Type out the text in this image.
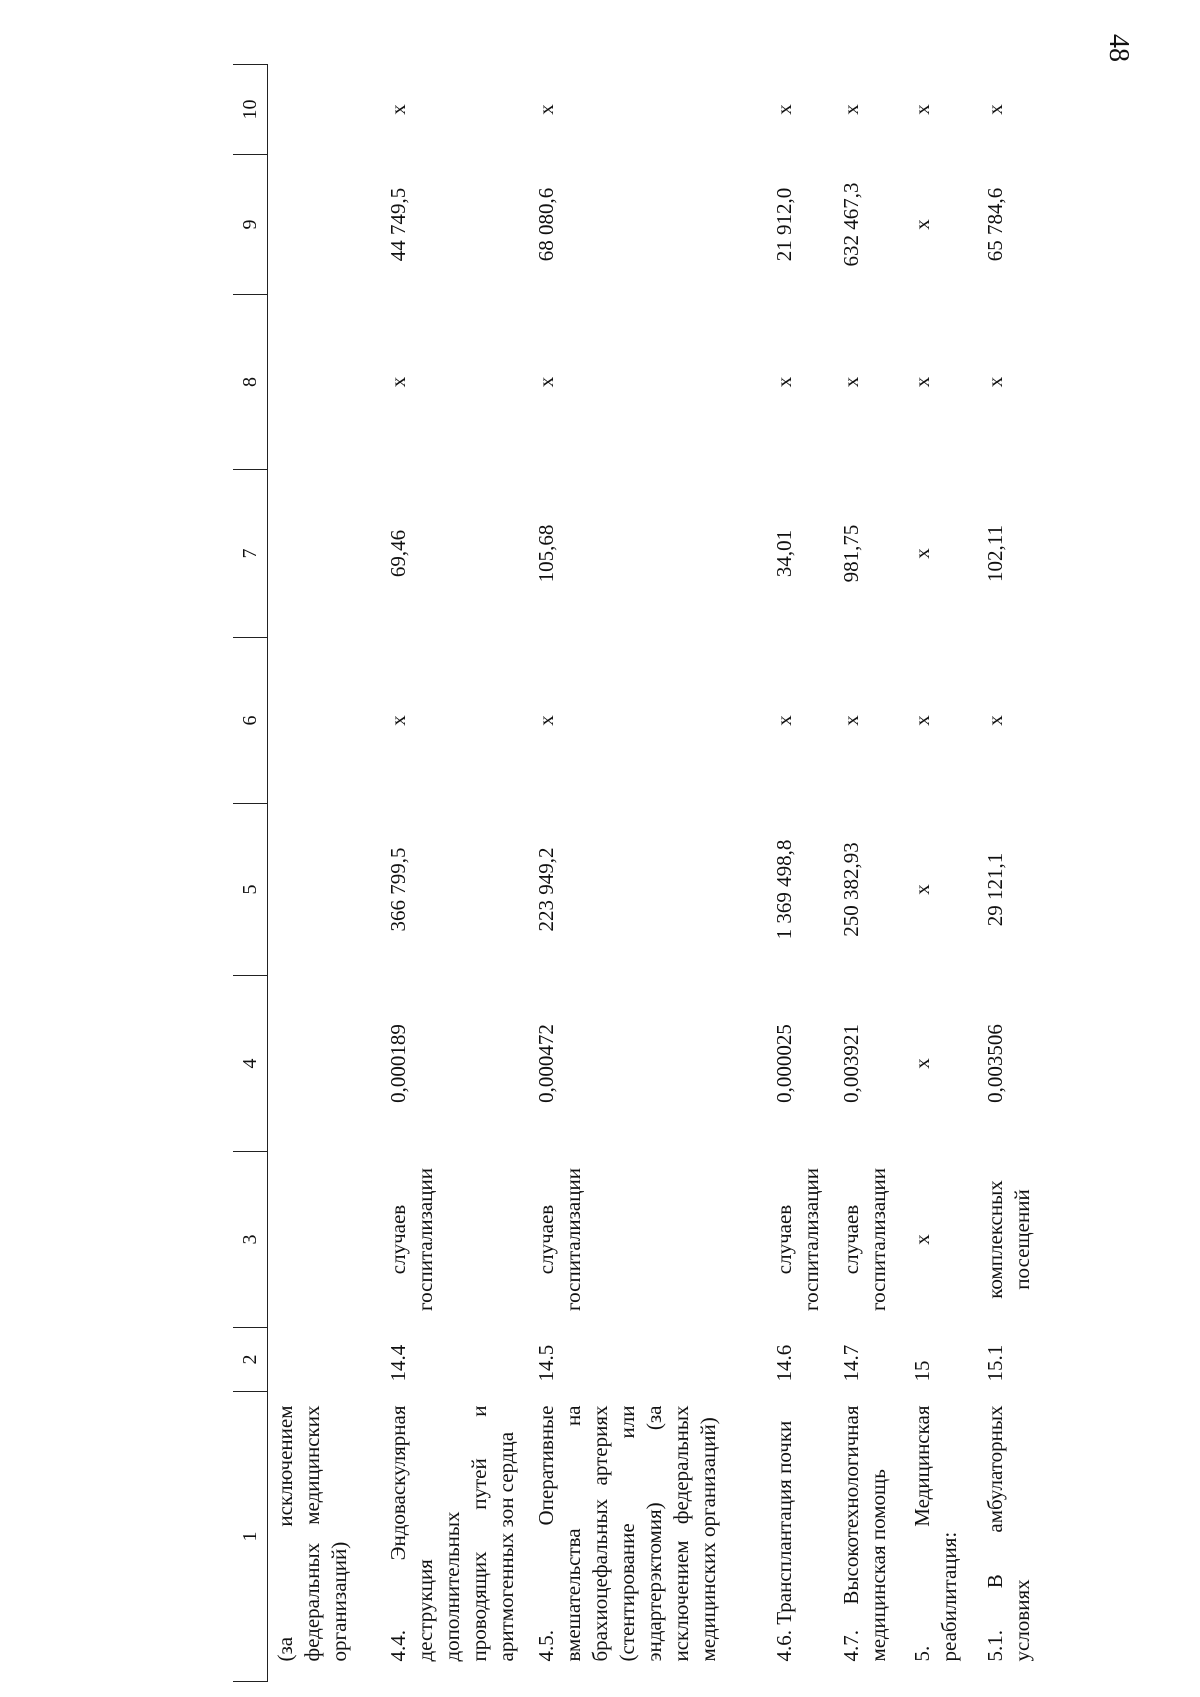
48
1	2	3	4	5	6	7	8	9	10
(за исключением федеральных медицинских организаций)									
4.4. Эндоваскулярная деструкция дополнительных проводящих путей и аритмогенных зон сердца	14.4	случаев госпитализации	0,000189	366 799,5	х	69,46	х	44 749,5	х
4.5. Оперативные вмешательства на брахиоцефальных артериях (стентирование или эндартерэктомия) (за исключением федеральных медицинских организаций)	14.5	случаев госпитализации	0,000472	223 949,2	х	105,68	х	68 080,6	х
4.6. Трансплантация почки	14.6	случаев госпитализации	0,000025	1 369 498,8	х	34,01	х	21 912,0	х
4.7. Высокотехнологичная медицинская помощь	14.7	случаев госпитализации	0,003921	250 382,93	х	981,75	х	632 467,3	х
5. Медицинская реабилитация:	15	х	х	х	х	х	х	х	х
5.1. В амбулаторных условиях	15.1	комплексных посещений	0,003506	29 121,1	х	102,11	х	65 784,6	х
